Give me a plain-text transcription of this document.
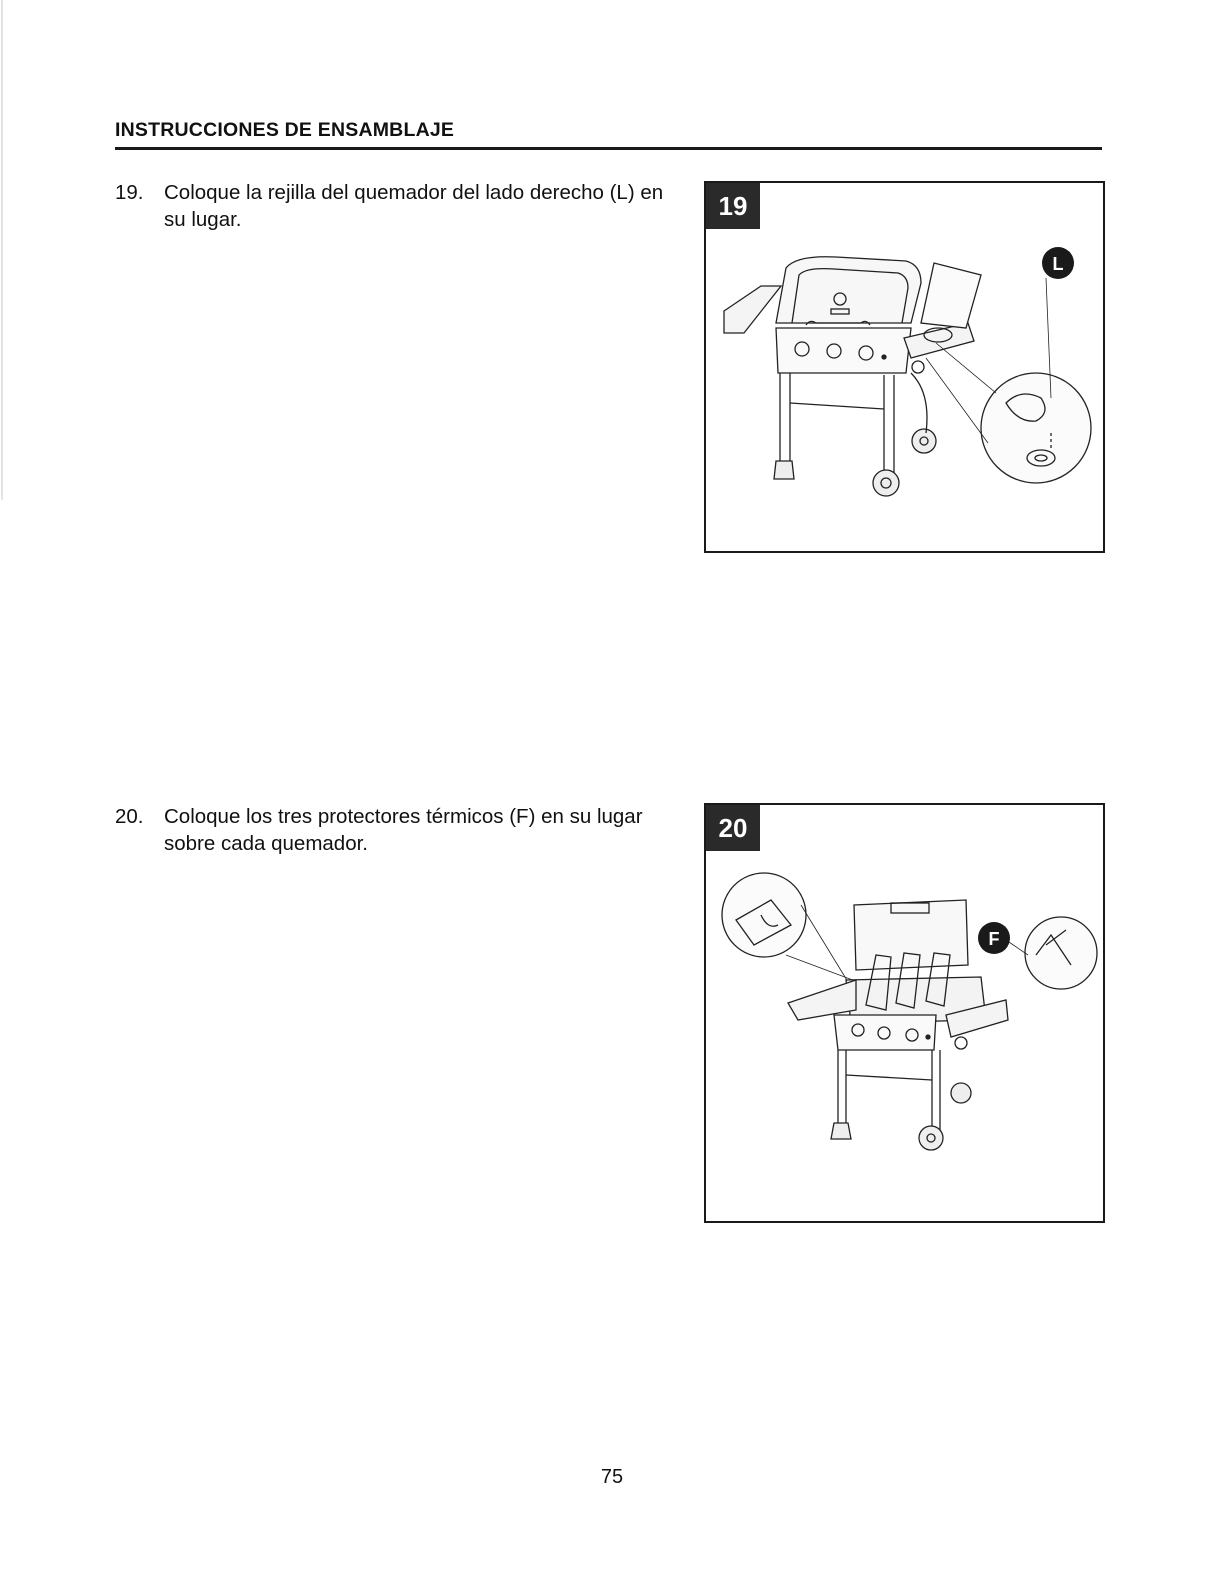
INSTRUCCIONES DE ENSAMBLAJE
19. Coloque la rejilla del quemador del lado derecho (L) en su lugar.
L
19
20. Coloque los tres protectores térmicos (F) en su lugar sobre cada quemador.
F
20
75
